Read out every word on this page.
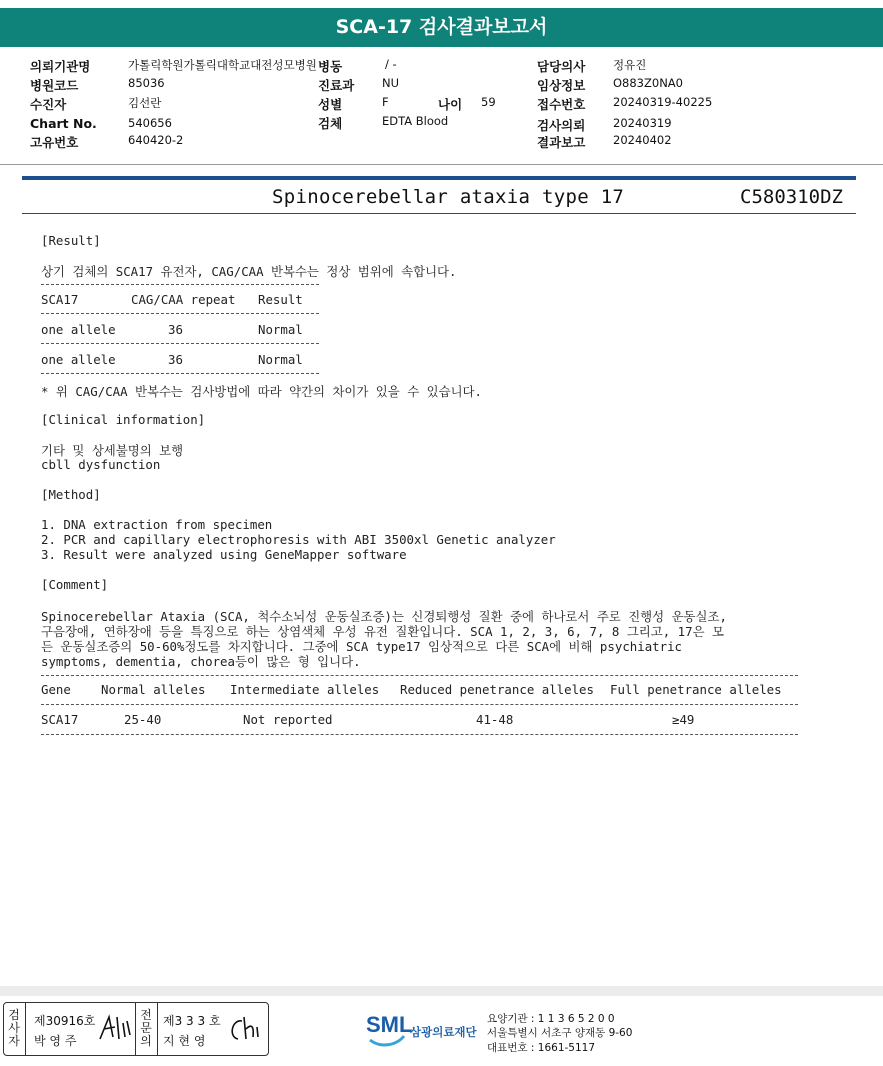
SCA-17 검사결과보고서
의뢰기관명	가톨릭학원가톨릭대학교대전성모병원 병동	/ -
병원코드	85036	진료과 NU
수진자	김선란	성별	F	나이 59
Chart No.	540656	검체	EDTA Blood
고유번호	640420-2
담당의사 정유진
임상정보 O883Z0NA0
접수번호 20240319-40225
검사의뢰 20240319
결과보고 20240402
Spinocerebellar ataxia type 17	C580310DZ
[Result]
상기 검체의 SCA17 유전자, CAG/CAA 반복수는 정상 범위에 속합니다.
SCA17	CAG/CAA repeat Result
one allele	36	Normal
one allele	36	Normal
* 위 CAG/CAA 반복수는 검사방법에 따라 약간의 차이가 있을 수 있습니다.
[Clinical information]
기타 및 상세불명의 보행
cbll dysfunction
[Method]
1. DNA extraction from specimen
2. PCR and capillary electrophoresis with ABI 3500xl Genetic analyzer
3. Result were analyzed using GeneMapper software
[Comment]
Spinocerebellar Ataxia (SCA, 척수소뇌성 운동실조증)는 신경퇴행성 질환 중에 하나로서 주로 진행성 운동실조,
구음장애, 연하장애 등을 특징으로 하는 상염색체 우성 유전 질환입니다. SCA 1, 2, 3, 6, 7, 8 그리고, 17은 모
든 운동실조증의 50-60%정도를 차지합니다. 그중에 SCA type17 임상적으로 다른 SCA에 비해 psychiatric
symptoms, dementia, chorea등이 많은 형 입니다.
Gene Normal alleles Intermediate alleles Reduced penetrance alleles Full penetrance alleles
SCA17	25-40	Not reported	41-48	≥49
검사자
제30916호
박 영 주
전문의
제3 3 3 호
지 현 영
SML
삼광의료재단
요양기관 : 1 1 3 6 5 2 0 0
서울특별시 서초구 양재동 9-60
대표번호 : 1661-5117
